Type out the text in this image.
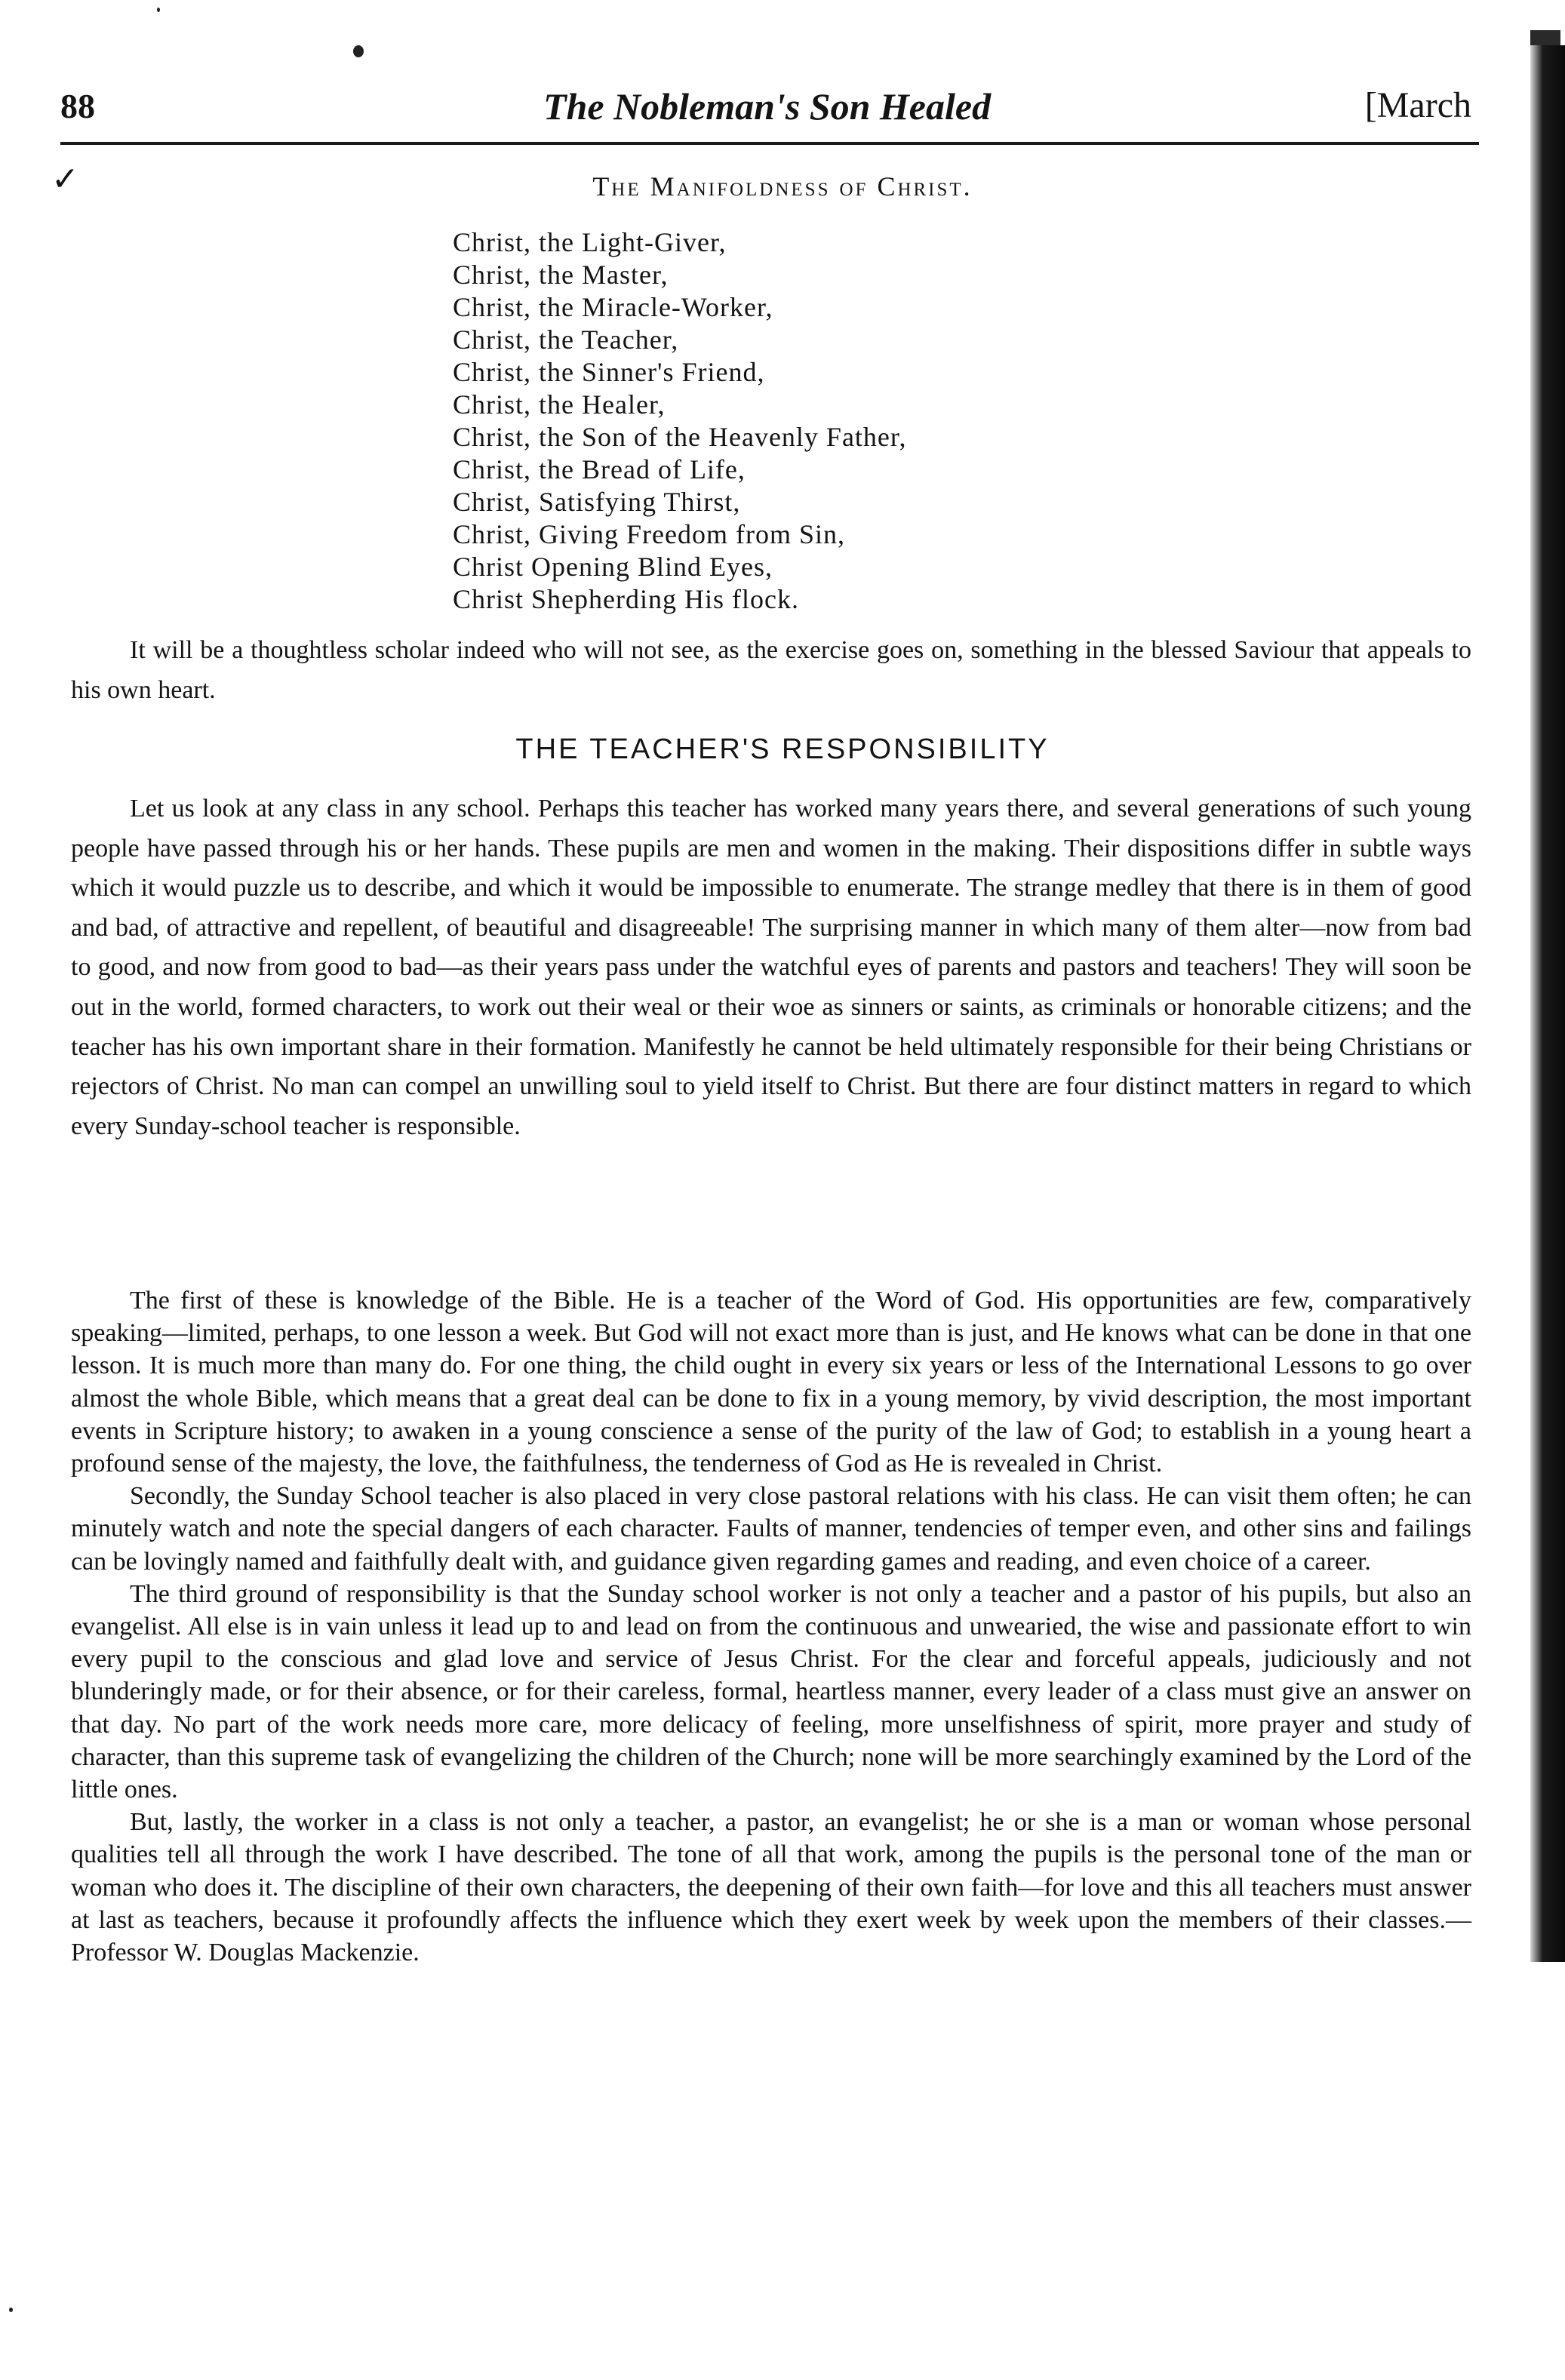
88	The Nobleman's Son Healed	[March
✓	The Manifoldness of Christ.
Christ, the Light-Giver,
Christ, the Master,
Christ, the Miracle-Worker,
Christ, the Teacher,
Christ, the Sinner's Friend,
Christ, the Healer,
Christ, the Son of the Heavenly Father,
Christ, the Bread of Life,
Christ, Satisfying Thirst,
Christ, Giving Freedom from Sin,
Christ Opening Blind Eyes,
Christ Shepherding His flock.

It will be a thoughtless scholar indeed who will not see, as the exercise goes on, something in the blessed Saviour that appeals to his own heart.

THE TEACHER'S RESPONSIBILITY

Let us look at any class in any school. Perhaps this teacher has worked many years there, and several generations of such young people have passed through his or her hands. These pupils are men and women in the making. Their dispositions differ in subtle ways which it would puzzle us to describe, and which it would be impossible to enumerate. The strange medley that there is in them of good and bad, of attractive and repellent, of beautiful and disagreeable! The surprising manner in which many of them alter—now from bad to good, and now from good to bad—as their years pass under the watchful eyes of parents and pastors and teachers! They will soon be out in the world, formed characters, to work out their weal or their woe as sinners or saints, as criminals or honorable citizens; and the teacher has his own important share in their formation. Manifestly he cannot be held ultimately responsible for their being Christians or rejectors of Christ. No man can compel an unwilling soul to yield itself to Christ. But there are four distinct matters in regard to which every Sunday-school teacher is responsible.

The first of these is knowledge of the Bible. He is a teacher of the Word of God. His opportunities are few, comparatively speaking—limited, perhaps, to one lesson a week. But God will not exact more than is just, and He knows what can be done in that one lesson. It is much more than many do. For one thing, the child ought in every six years or less of the International Lessons to go over almost the whole Bible, which means that a great deal can be done to fix in a young memory, by vivid description, the most important events in Scripture history; to awaken in a young conscience a sense of the purity of the law of God; to establish in a young heart a profound sense of the majesty, the love, the faithfulness, the tenderness of God as He is revealed in Christ.

Secondly, the Sunday School teacher is also placed in very close pastoral relations with his class. He can visit them often; he can minutely watch and note the special dangers of each character. Faults of manner, tendencies of temper even, and other sins and failings can be lovingly named and faithfully dealt with, and guidance given regarding games and reading, and even choice of a career.

The third ground of responsibility is that the Sunday school worker is not only a teacher and a pastor of his pupils, but also an evangelist. All else is in vain unless it lead up to and lead on from the continuous and unwearied, the wise and passionate effort to win every pupil to the conscious and glad love and service of Jesus Christ. For the clear and forceful appeals, judiciously and not blunderingly made, or for their absence, or for their careless, formal, heartless manner, every leader of a class must give an answer on that day. No part of the work needs more care, more delicacy of feeling, more unselfishness of spirit, more prayer and study of character, than this supreme task of evangelizing the children of the Church; none will be more searchingly examined by the Lord of the little ones.

But, lastly, the worker in a class is not only a teacher, a pastor, an evangelist; he or she is a man or woman whose personal qualities tell all through the work I have described. The tone of all that work, among the pupils is the personal tone of the man or woman who does it. The discipline of their own characters, the deepening of their own faith—for love and this all teachers must answer at last as teachers, because it profoundly affects the influence which they exert week by week upon the members of their classes.—Professor W. Douglas Mackenzie.
